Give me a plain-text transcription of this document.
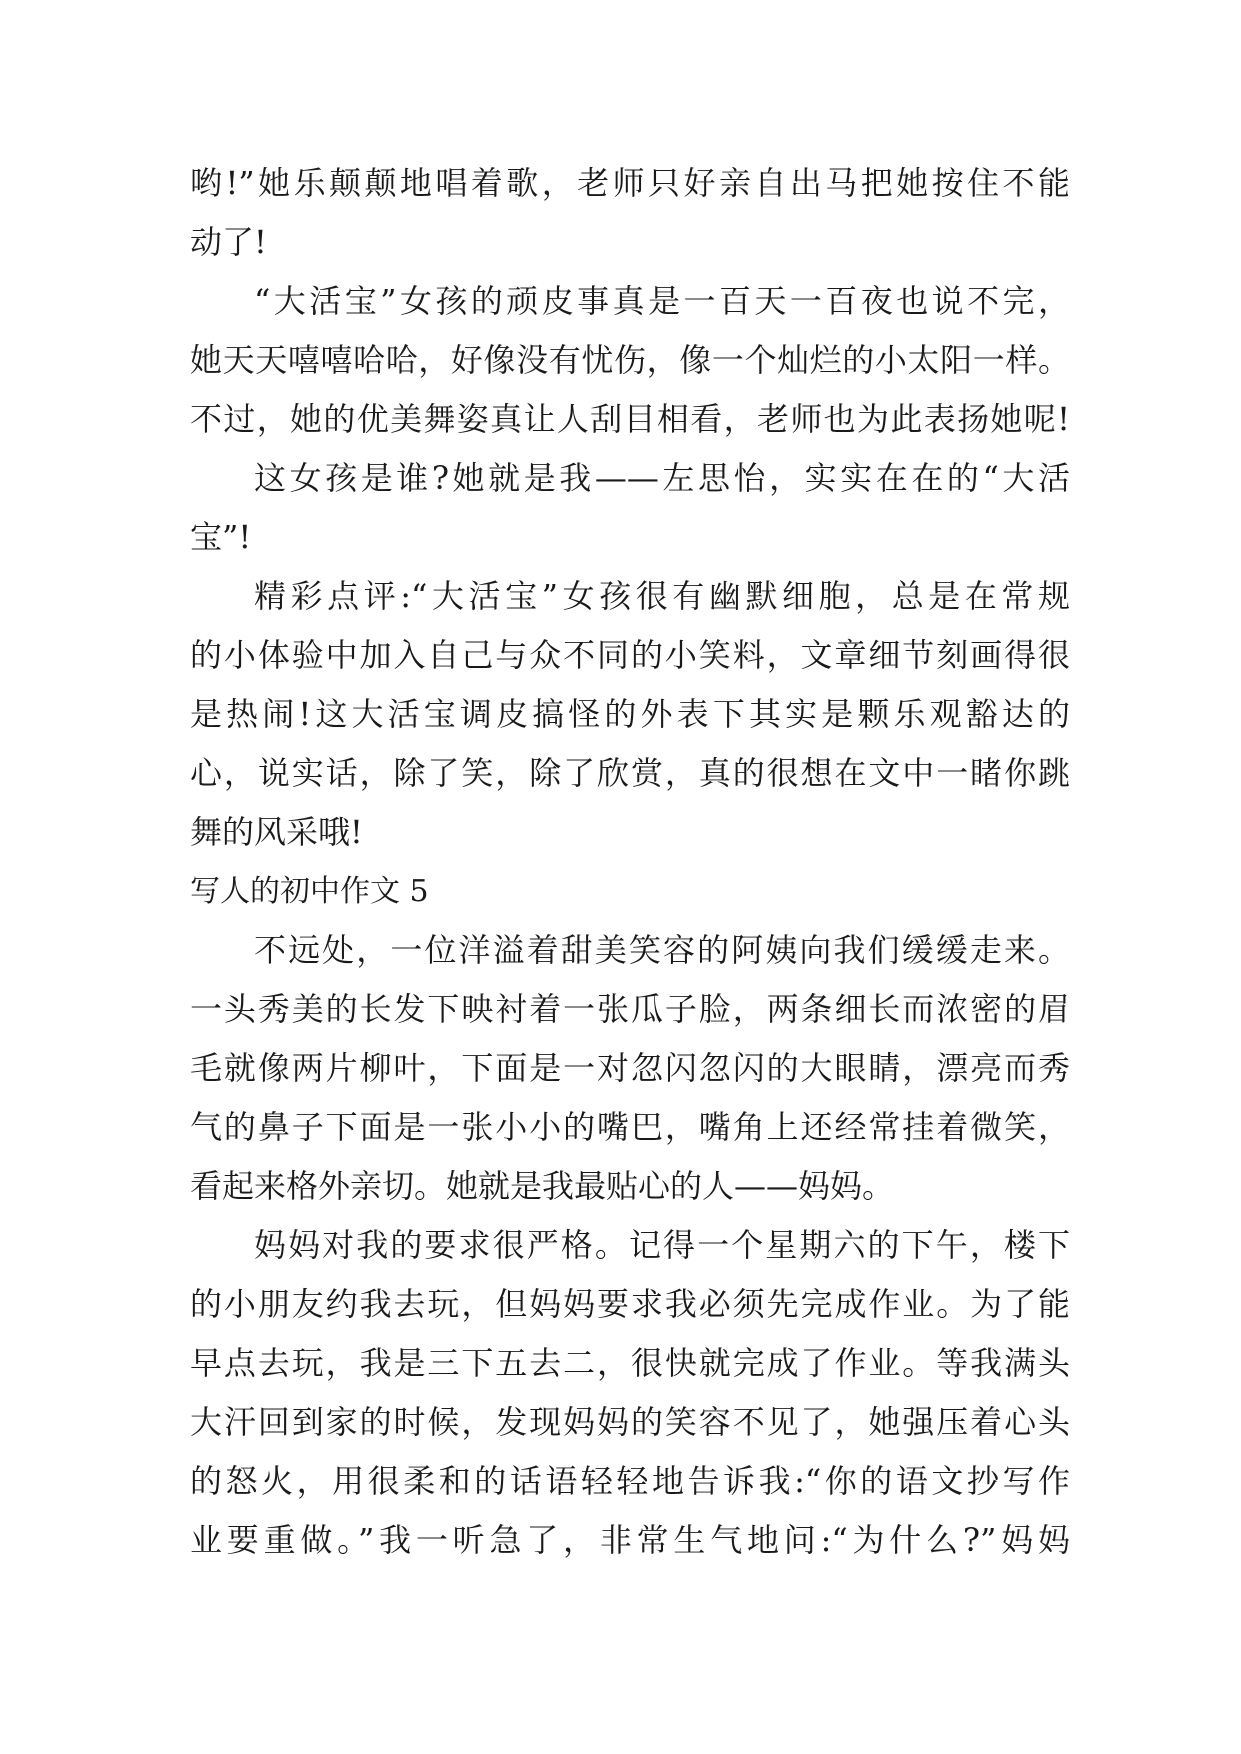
哟!”她乐颠颠地唱着歌，老师只好亲自出马把她按住不能
动了!
“大活宝”女孩的顽皮事真是一百天一百夜也说不完，
她天天嘻嘻哈哈，好像没有忧伤，像一个灿烂的小太阳一样。
不过，她的优美舞姿真让人刮目相看，老师也为此表扬她呢!
这女孩是谁?她就是我——左思怡，实实在在的“大活
宝”!
精彩点评:“大活宝”女孩很有幽默细胞，总是在常规
的小体验中加入自己与众不同的小笑料，文章细节刻画得很
是热闹!这大活宝调皮搞怪的外表下其实是颗乐观豁达的
心，说实话，除了笑，除了欣赏，真的很想在文中一睹你跳
舞的风采哦!
写人的初中作文 5
不远处，一位洋溢着甜美笑容的阿姨向我们缓缓走来。
一头秀美的长发下映衬着一张瓜子脸，两条细长而浓密的眉
毛就像两片柳叶，下面是一对忽闪忽闪的大眼睛，漂亮而秀
气的鼻子下面是一张小小的嘴巴，嘴角上还经常挂着微笑，
看起来格外亲切。她就是我最贴心的人——妈妈。
妈妈对我的要求很严格。记得一个星期六的下午，楼下
的小朋友约我去玩，但妈妈要求我必须先完成作业。为了能
早点去玩，我是三下五去二，很快就完成了作业。等我满头
大汗回到家的时候，发现妈妈的笑容不见了，她强压着心头
的怒火，用很柔和的话语轻轻地告诉我:“你的语文抄写作
业要重做。”我一听急了，非常生气地问:“为什么?”妈妈
